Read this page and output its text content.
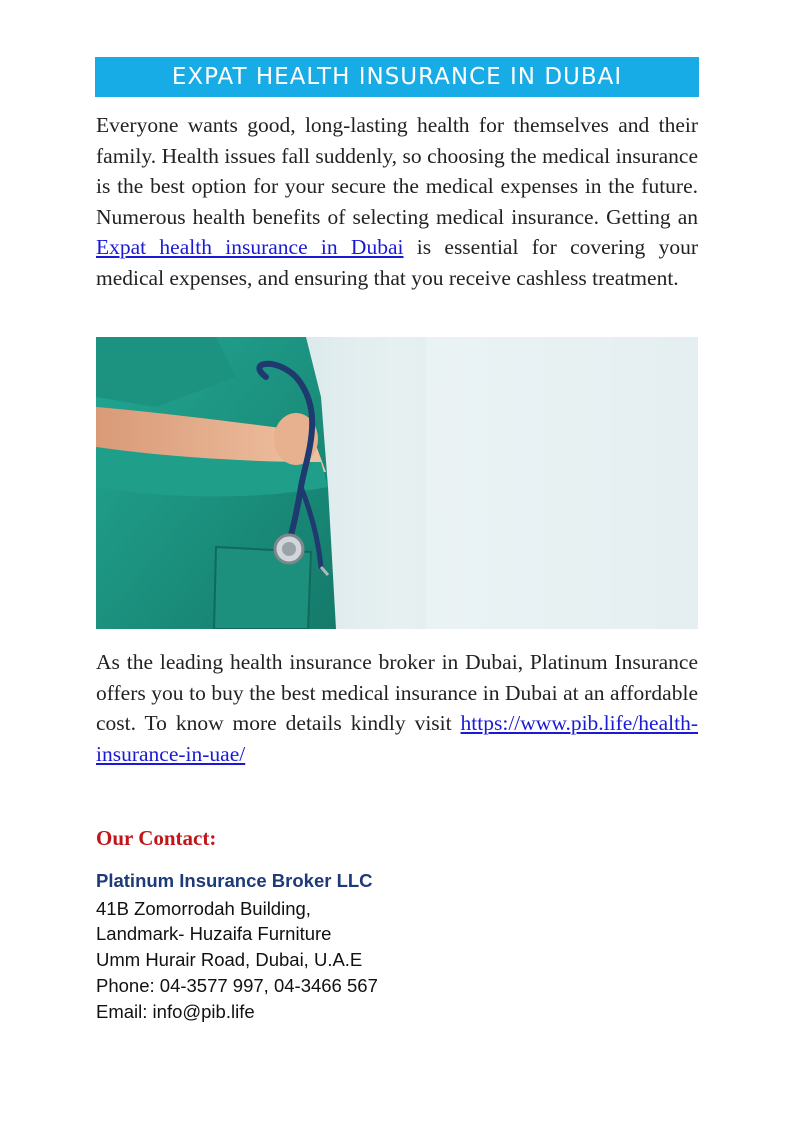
EXPAT HEALTH INSURANCE IN DUBAI

Everyone wants good, long-lasting health for themselves and their family. Health issues fall suddenly, so choosing the medical insurance is the best option for your secure the medical expenses in the future. Numerous health benefits of selecting medical insurance. Getting an Expat health insurance in Dubai is essential for covering your medical expenses, and ensuring that you receive cashless treatment.

As the leading health insurance broker in Dubai, Platinum Insurance offers you to buy the best medical insurance in Dubai at an affordable cost. To know more details kindly visit https://www.pib.life/health-insurance-in-uae/

Our Contact:
Platinum Insurance Broker LLC
41B Zomorrodah Building,
Landmark- Huzaifa Furniture
Umm Hurair Road, Dubai, U.A.E
Phone: 04-3577 997, 04-3466 567
Email: info@pib.life
